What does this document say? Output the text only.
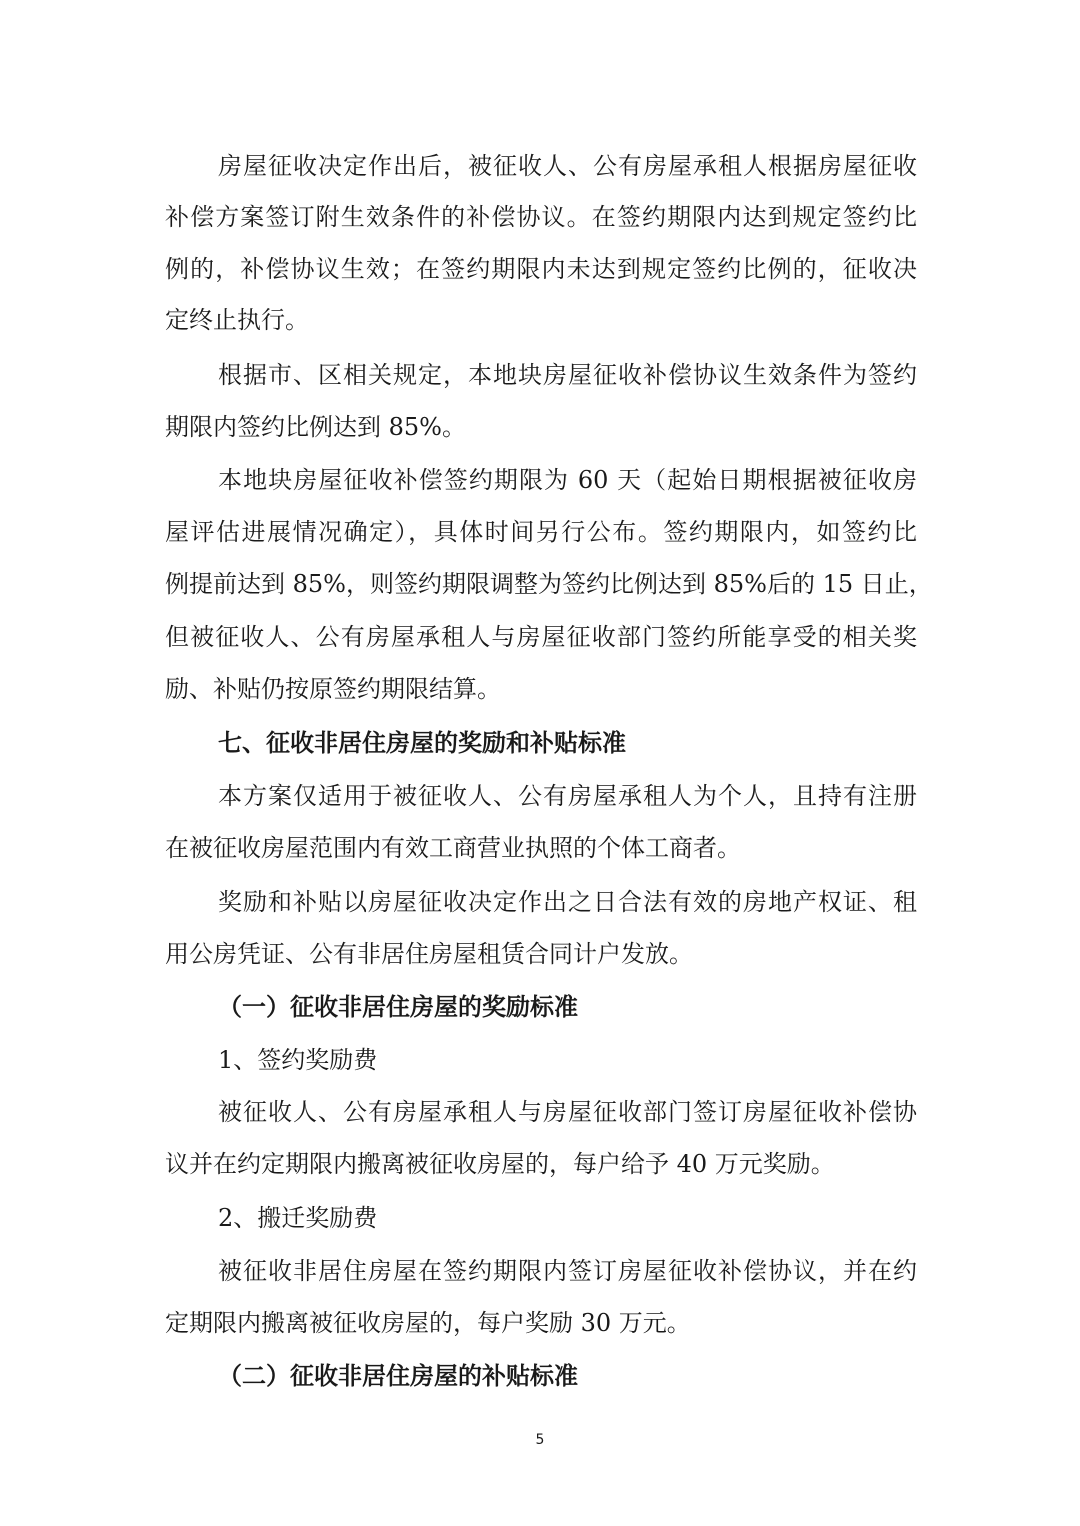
房屋征收决定作出后，被征收人、公有房屋承租人根据房屋征收
补偿方案签订附生效条件的补偿协议。在签约期限内达到规定签约比
例的，补偿协议生效；在签约期限内未达到规定签约比例的，征收决
定终止执行。
根据市、区相关规定，本地块房屋征收补偿协议生效条件为签约
期限内签约比例达到 85%。
本地块房屋征收补偿签约期限为 60 天（起始日期根据被征收房
屋评估进展情况确定），具体时间另行公布。签约期限内，如签约比
例提前达到 85%，则签约期限调整为签约比例达到 85%后的 15 日止，
但被征收人、公有房屋承租人与房屋征收部门签约所能享受的相关奖
励、补贴仍按原签约期限结算。
七、征收非居住房屋的奖励和补贴标准
本方案仅适用于被征收人、公有房屋承租人为个人，且持有注册
在被征收房屋范围内有效工商营业执照的个体工商者。
奖励和补贴以房屋征收决定作出之日合法有效的房地产权证、租
用公房凭证、公有非居住房屋租赁合同计户发放。
（一）征收非居住房屋的奖励标准
1、签约奖励费
被征收人、公有房屋承租人与房屋征收部门签订房屋征收补偿协
议并在约定期限内搬离被征收房屋的，每户给予 40 万元奖励。
2、搬迁奖励费
被征收非居住房屋在签约期限内签订房屋征收补偿协议，并在约
定期限内搬离被征收房屋的，每户奖励 30 万元。
（二）征收非居住房屋的补贴标准
5
